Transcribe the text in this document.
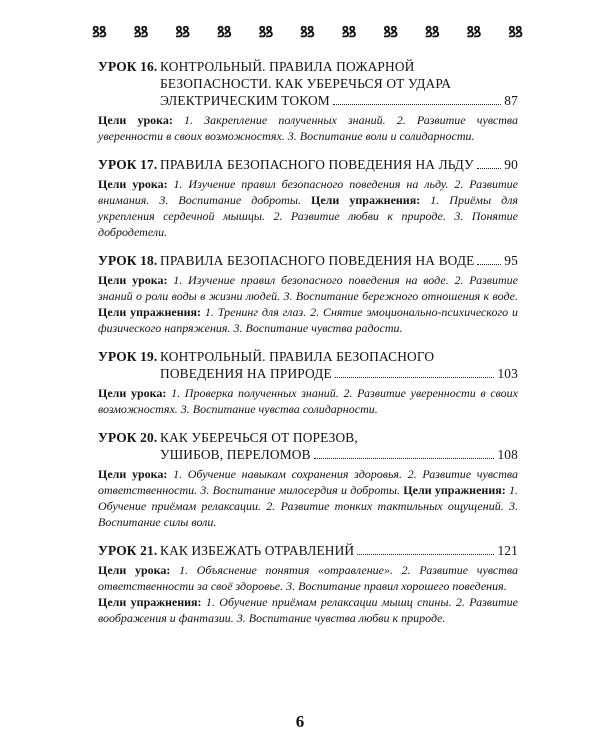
ꝸꝸ ꝸꝸ ꝸꝸ ꝸꝸ ꝸꝸ ꝸꝸ ꝸꝸ ꝸꝸ ꝸꝸ ꝸꝸ ꝸꝸ
УРОК 16. КОНТРОЛЬНЫЙ. ПРАВИЛА ПОЖАРНОЙ
БЕЗОПАСНОСТИ. КАК УБЕРЕЧЬСЯ ОТ УДАРА
ЭЛЕКТРИЧЕСКИМ ТОКОМ	87
Цели урока: 1. Закрепление полученных знаний. 2. Развитие чувства уверенности в своих возможностях. 3. Воспитание воли и солидарности.
УРОК 17. ПРАВИЛА БЕЗОПАСНОГО ПОВЕДЕНИЯ НА ЛЬДУ 90
Цели урока: 1. Изучение правил безопасного поведения на льду. 2. Развитие внимания. 3. Воспитание доброты. Цели упражнения: 1. Приёмы для укрепления сердечной мышцы. 2. Развитие любви к природе. 3. Понятие добродетели.
УРОК 18. ПРАВИЛА БЕЗОПАСНОГО ПОВЕДЕНИЯ НА ВОДЕ 95
Цели урока: 1. Изучение правил безопасного поведения на воде. 2. Развитие знаний о роли воды в жизни людей. 3. Воспитание бережного отношения к воде. Цели упражнения: 1. Тренинг для глаз. 2. Снятие эмоционально-психического и физического напряжения. 3. Воспитание чувства радости.
УРОК 19. КОНТРОЛЬНЫЙ. ПРАВИЛА БЕЗОПАСНОГО
ПОВЕДЕНИЯ НА ПРИРОДЕ	103
Цели урока: 1. Проверка полученных знаний. 2. Развитие уверенности в своих возможностях. 3. Воспитание чувства солидарности.
УРОК 20. КАК УБЕРЕЧЬСЯ ОТ ПОРЕЗОВ,
УШИБОВ, ПЕРЕЛОМОВ	108
Цели урока: 1. Обучение навыкам сохранения здоровья. 2. Развитие чувства ответственности. 3. Воспитание милосердия и доброты. Цели упражнения: 1. Обучение приёмам релаксации. 2. Развитие тонких тактильных ощущений. 3. Воспитание силы воли.
УРОК 21. КАК ИЗБЕЖАТЬ ОТРАВЛЕНИЙ	121
Цели урока: 1. Объяснение понятия «отравление». 2. Развитие чувства ответственности за своё здоровье. 3. Воспитание правил хорошего поведения.
Цели упражнения: 1. Обучение приёмам релаксации мышц спины. 2. Развитие воображения и фантазии. 3. Воспитание чувства любви к природе.
6
